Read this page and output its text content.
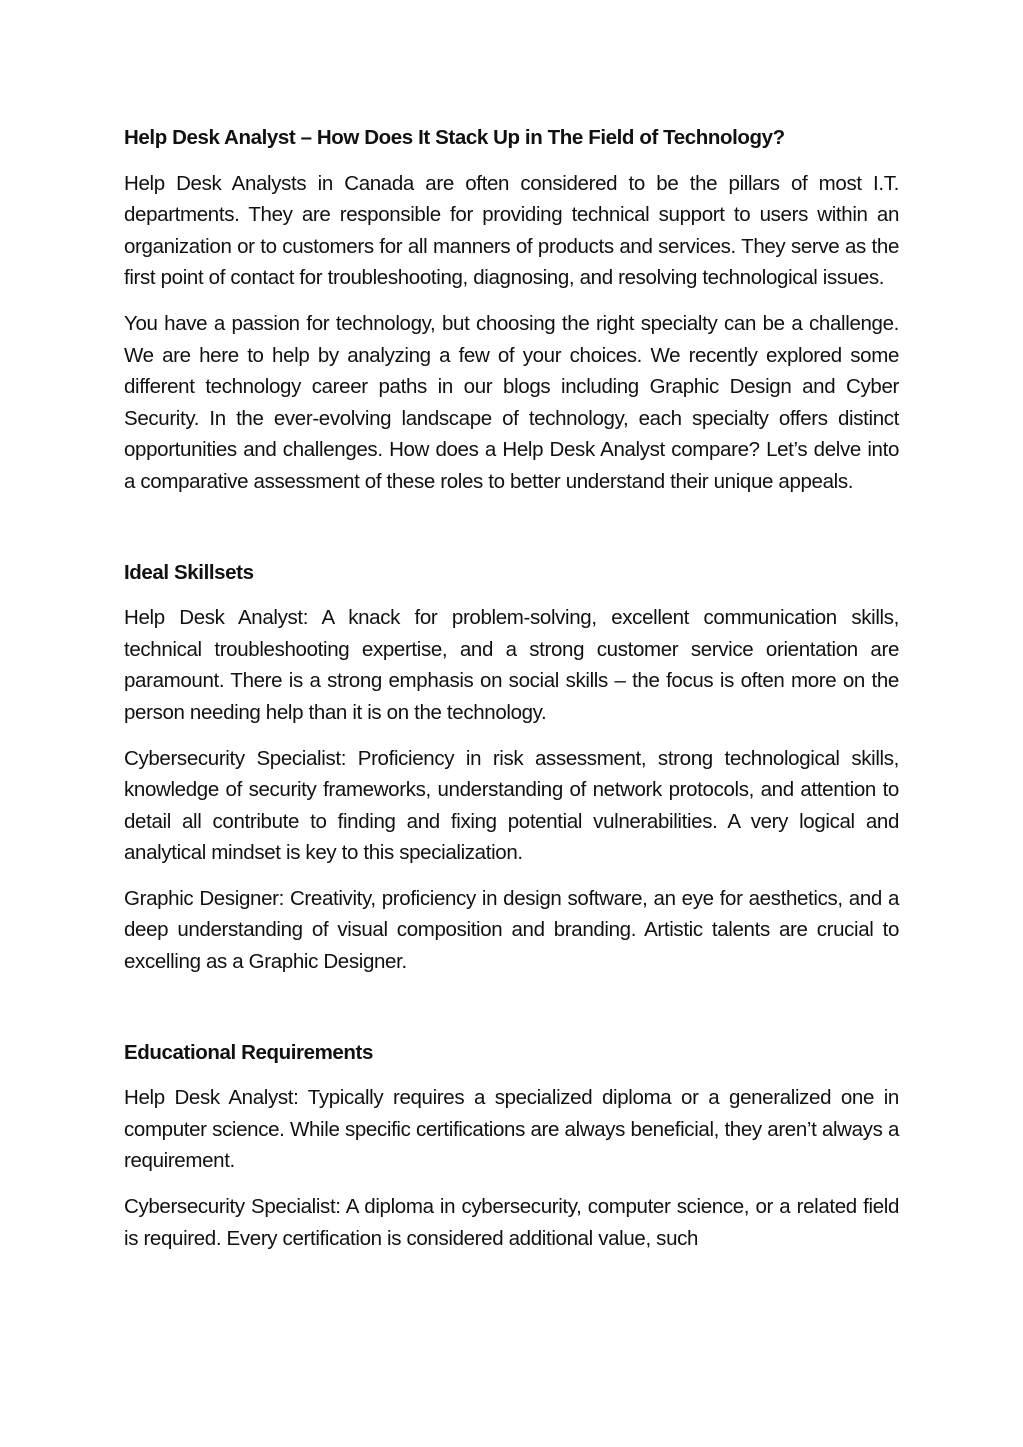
Help Desk Analyst – How Does It Stack Up in The Field of Technology?

Help Desk Analysts in Canada are often considered to be the pillars of most I.T. departments. They are responsible for providing technical support to users within an organization or to customers for all manners of products and services. They serve as the first point of contact for troubleshooting, diagnosing, and resolving technological issues.

You have a passion for technology, but choosing the right specialty can be a challenge. We are here to help by analyzing a few of your choices. We recently explored some different technology career paths in our blogs including Graphic Design and Cyber Security. In the ever-evolving landscape of technology, each specialty offers distinct opportunities and challenges. How does a Help Desk Analyst compare? Let’s delve into a comparative assessment of these roles to better understand their unique appeals.

Ideal Skillsets

Help Desk Analyst: A knack for problem-solving, excellent communication skills, technical troubleshooting expertise, and a strong customer service orientation are paramount. There is a strong emphasis on social skills – the focus is often more on the person needing help than it is on the technology.

Cybersecurity Specialist: Proficiency in risk assessment, strong technological skills, knowledge of security frameworks, understanding of network protocols, and attention to detail all contribute to finding and fixing potential vulnerabilities. A very logical and analytical mindset is key to this specialization.

Graphic Designer: Creativity, proficiency in design software, an eye for aesthetics, and a deep understanding of visual composition and branding. Artistic talents are crucial to excelling as a Graphic Designer.

Educational Requirements

Help Desk Analyst: Typically requires a specialized diploma or a generalized one in computer science. While specific certifications are always beneficial, they aren’t always a requirement.

Cybersecurity Specialist: A diploma in cybersecurity, computer science, or a related field is required. Every certification is considered additional value, such
